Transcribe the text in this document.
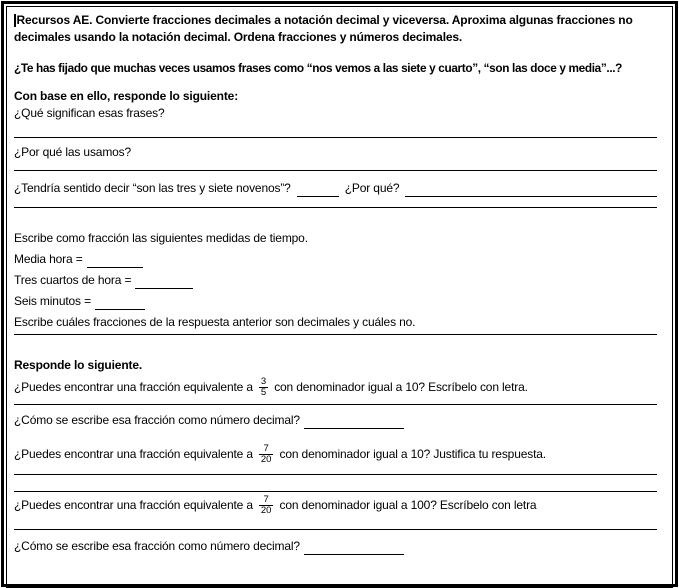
Recursos AE. Convierte fracciones decimales a notación decimal y viceversa. Aproxima algunas fracciones no decimales usando la notación decimal. Ordena fracciones y números decimales.

¿Te has fijado que muchas veces usamos frases como “nos vemos a las siete y cuarto”, “son las doce y media”...?

Con base en ello, responde lo siguiente:

¿Qué significan esas frases?

¿Por qué las usamos?

¿Tendría sentido decir “son las tres y siete novenos”?	¿Por qué?

Escribe como fracción las siguientes medidas de tiempo.

Media hora =

Tres cuartos de hora =

Seis minutos =

Escribe cuáles fracciones de la respuesta anterior son decimales y cuáles no.

Responde lo siguiente.

¿Puedes encontrar una fracción equivalente a $\frac{3}{5}$ con denominador igual a 10? Escríbelo con letra.

¿Cómo se escribe esa fracción como número decimal?

¿Puedes encontrar una fracción equivalente a $\frac{7}{20}$ con denominador igual a 10? Justifica tu respuesta.

¿Puedes encontrar una fracción equivalente a $\frac{7}{20}$ con denominador igual a 100? Escríbelo con letra

¿Cómo se escribe esa fracción como número decimal?
